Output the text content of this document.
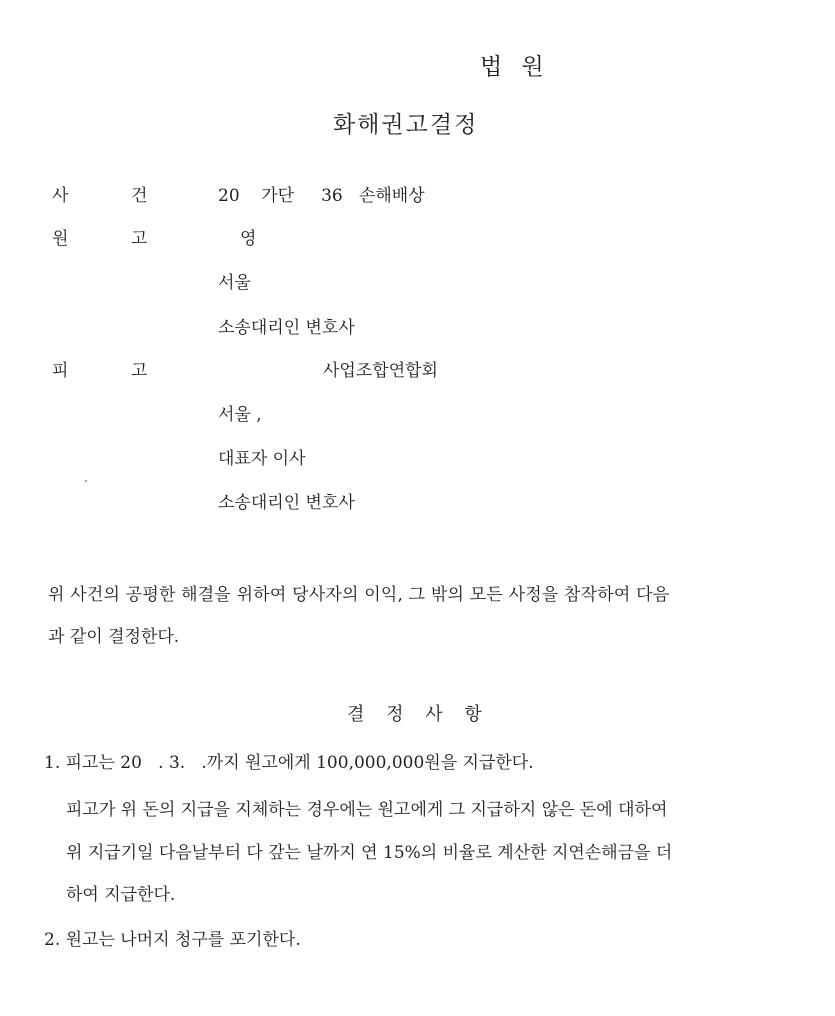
법 원
화해권고결정
사	건	20    가단     36   손해배상
원	고	영
서울
소송대리인 변호사
피	고	사업조합연합회
서울 ,
대표자 이사
소송대리인 변호사
위 사건의 공평한 해결을 위하여 당사자의 이익, 그 밖의 모든 사정을 참작하여 다음
과 같이 결정한다.
결 정 사 항
1. 피고는 20   . 3.   .까지 원고에게 100,000,000원을 지급한다.
피고가 위 돈의 지급을 지체하는 경우에는 원고에게 그 지급하지 않은 돈에 대하여
위 지급기일 다음날부터 다 갚는 날까지 연 15%의 비율로 계산한 지연손해금을 더
하여 지급한다.
2. 원고는 나머지 청구를 포기한다.
